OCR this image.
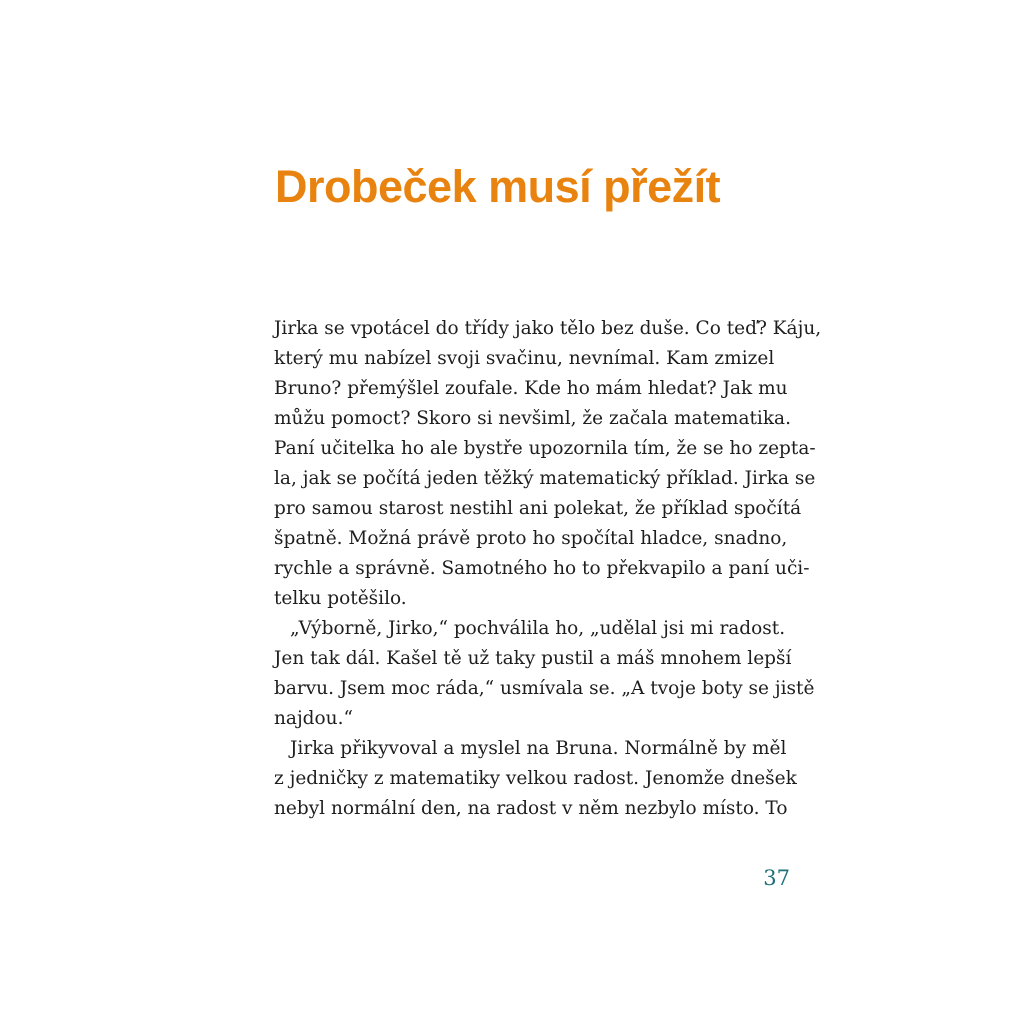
Drobeček musí přežít
Jirka se vpotácel do třídy jako tělo bez duše. Co teď? Káju,
který mu nabízel svoji svačinu, nevnímal. Kam zmizel
Bruno? přemýšlel zoufale. Kde ho mám hledat? Jak mu
můžu pomoct? Skoro si nevšiml, že začala matematika.
Paní učitelka ho ale bystře upozornila tím, že se ho zepta-
la, jak se počítá jeden těžký matematický příklad. Jirka se
pro samou starost nestihl ani polekat, že příklad spočítá
špatně. Možná právě proto ho spočítal hladce, snadno,
rychle a správně. Samotného ho to překvapilo a paní uči-
telku potěšilo.
„Výborně, Jirko,“ pochválila ho, „udělal jsi mi radost.
Jen tak dál. Kašel tě už taky pustil a máš mnohem lepší
barvu. Jsem moc ráda,“ usmívala se. „A tvoje boty se jistě
najdou.“
Jirka přikyvoval a myslel na Bruna. Normálně by měl
z jedničky z matematiky velkou radost. Jenomže dnešek
nebyl normální den, na radost v něm nezbylo místo. To
37
